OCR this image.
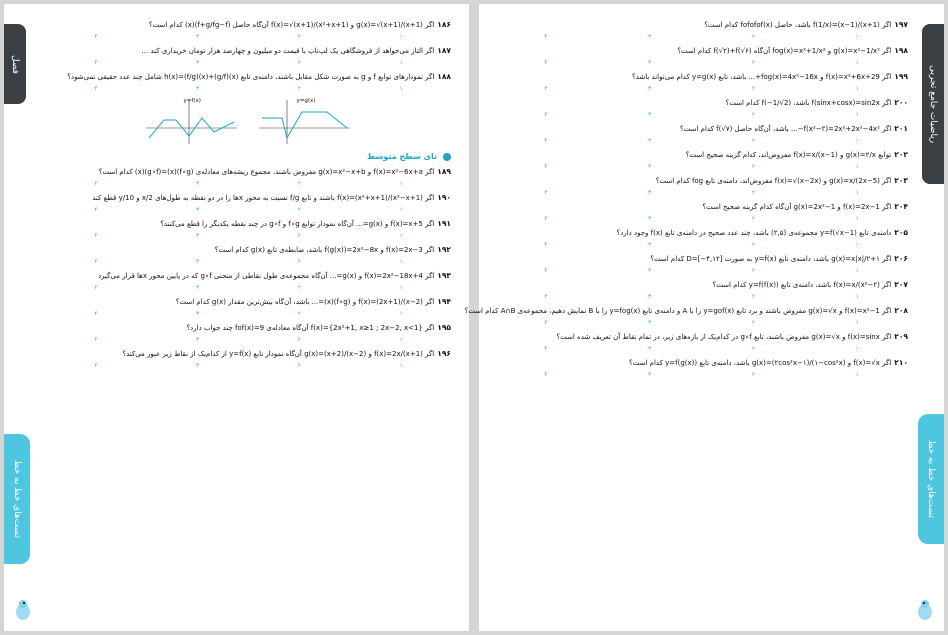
فصل
تست‌های خط به خط
۱۸۶
اگر g(x)=√(x+1)/(x+1) و f(x)=√(x+1)/(x²+x+1) آن‌گاه حاصل (f+g/fg−f)(x) کدام است؟
۱
۲
۳
۴
۱۸۷
اگر التاز می‌خواهد از فروشگاهی یک لپ‌تاپ با قیمت دو میلیون و چهارصد هزار تومان خریداری کند …
۱
۲
۳
۴
۱۸۸
اگر نمودارهای توابع f و g به صورت شکل مقابل باشند، دامنه‌ی تابع h(x)=(f/g)(x)+(g/f)(x) شامل چند عدد حقیقی نمی‌شود؟
۱
۲
۳
۴
y=f(x)	y=g(x)
تای سطح متوسط
۱۸۹
اگر f(x)=x²−6x+a و g(x)=x²−x+b مفروض باشند، مجموع ریشه‌های معادله‌ی (f∘g)(x)=(g∘f)(x) کدام است؟
۱
۲
۳
۴
۱۹۰
اگر f(x)=(x²+x+1)/(x²−x+1) باشند و تابع f/g نسبت به محور xها را در دو نقطه به طول‌های x/2 و y/10 قطع کند
۱
۲
۳
۴
۱۹۱
اگر f(x)=x+5 و g(x)=... آن‌گاه نمودار توابع f∘g و g∘f در چند نقطه یکدیگر را قطع می‌کنند؟
۱
۲
۳
۴
۱۹۲
اگر f(x)=2x−3 و f(g(x))=2x²−8x باشد، ضابطه‌ی تابع g(x) کدام است؟
۱
۲
۳
۴
۱۹۳
اگر f(x)=2x²−18x+4 و g(x)=... آن‌گاه مجموعه‌ی طول نقاطی از منحنی g∘f که در پایین محور xها قرار می‌گیرد
۱
۲
۳
۴
۱۹۴
اگر f(x)=(2x+1)/(x−2) و (f∘g)(x)=... باشد، آن‌گاه بیش‌ترین مقدار g(x) کدام است؟
۱
۲
۳
۴
۱۹۵
اگر f(x)={2x²+1, x≥1 ; 2x−2, x<1} آن‌گاه معادله‌ی fof(x)=9 چند جواب دارد؟
۱
۲
۳
۴
۱۹۶
اگر f(x)=2x/(x+1) و g(x)=(x+2)/(x−2) آن‌گاه نمودار تابع y=f(x) از کدام‌یک از نقاط زیر عبور می‌کند؟
۱
۲
۳
۴
ریاضیات جامع تجربی
تست‌های خط به خط
۱۹۷
اگر f(1/x)=(x−1)/(x+1) باشد، حاصل fofofof(x) کدام است؟
۱
۲
۳
۴
۱۹۸
اگر g(x)=x²−1/x² و fog(x)=x²+1/x² آن‌گاه f(√۲)+f(√۶) کدام است؟
۱
۲
۳
۴
۱۹۹
اگر f(x)=x²+6x+29 و fog(x)=4x²−16x+... باشد، تابع y=g(x) کدام می‌تواند باشد؟
۱
۲
۳
۴
۲۰۰
اگر f(sinx+cosx)=sin2x باشد، f(−1/√2) کدام است؟
۱
۲
۳
۴
۲۰۱
اگر f(x²−۲)=2x²+2x²−4x²−... باشد، آن‌گاه حاصل f(√۷) کدام است؟
۱
۲
۳
۴
۲۰۲
توابع g(x)=۲/x و f(x)=x/(x−1) مفروض‌اند، کدام گزینه صحیح است؟
۱
۲
۳
۴
۲۰۳
اگر g(x)=x/(2x−5) و f(x)=√(x−2x) مفروض‌اند، دامنه‌ی تابع fog کدام است؟
۱
۲
۳
۴
۲۰۴
اگر f(x)=2x−1 و g(x)=2x²−1 آن‌گاه کدام گزینه صحیح است؟
۱
۲
۳
۴
۲۰۵
دامنه‌ی تابع y=f(√x−1) مجموعه‌ی (۲,۵) باشد، چند عدد صحیح در دامنه‌ی تابع f(x) وجود دارد؟
۱
۲
۳
۴
۲۰۶
اگر g(x)=x|x|/۲+۱ باشد، دامنه‌ی تابع y=f(x) به صورت D=[−۴,۱۲] کدام است؟
۱
۲
۳
۴
۲۰۷
اگر f(x)=x/(x²−۲) باشد، دامنه‌ی تابع y=f(f(x)) کدام است؟
۱
۲
۳
۴
۲۰۸
اگر f(x)=x²−1 و g(x)=√x مفروض باشند و برد تابع y=gof(x) را با A و دامنه‌ی تابع y=fog(x) را با B نمایش دهیم، مجموعه‌ی A∩B کدام است؟
۱
۲
۳
۴
۲۰۹
اگر f(x)=sinx و g(x)=√x مفروض باشند، تابع g∘f در کدام‌یک از بازه‌های زیر، در تمام نقاط آن تعریف شده است؟
۱
۲
۳
۴
۲۱۰
اگر f(x)=√x و g(x)=(۲cos²x−۱)/(۱−cos²x) باشد، دامنه‌ی تابع y=f(g(x)) کدام است؟
۱
۲
۳
۴
